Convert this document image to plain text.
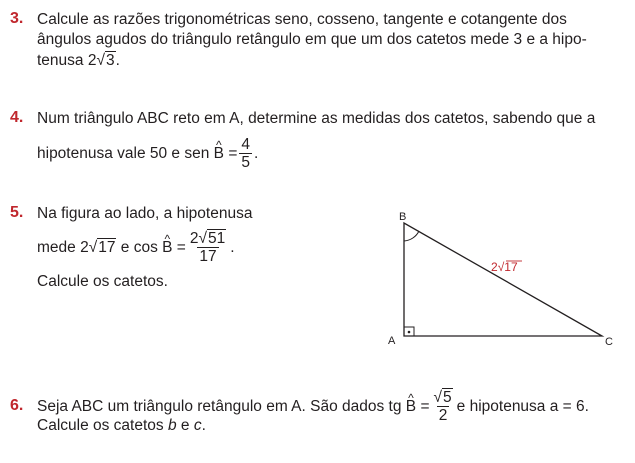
3. Calcule as razões trigonométricas seno, cosseno, tangente e cotangente dos
ângulos agudos do triângulo retângulo em que um dos catetos mede 3 e a hipo-
tenusa 2√3.
4. Num triângulo ABC reto em A, determine as medidas dos catetos, sabendo que a
hipotenusa vale 50 e sen ^ $B = \frac{4}{5}$ .
5. Na figura ao lado, a hipotenusa
mede 2√17 e cos ^ $B = \frac{2√51}{17}$ .
Calcule os catetos.
B
A	C
2√17
6. Seja ABC um triângulo retângulo em A. São dados tg ^ $B = \frac{√5}{2}$ e hipotenusa a = 6.
Calcule os catetos b e c.
